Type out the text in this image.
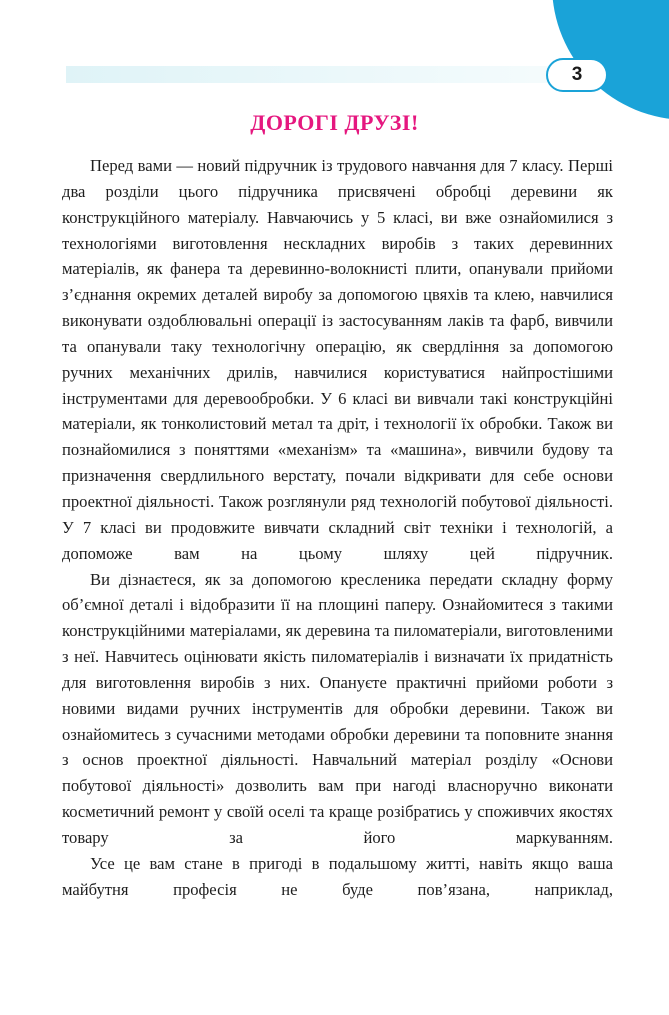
3
ДОРОГІ ДРУЗІ!

Перед вами — новий підручник із трудового навчання для 7 класу. Перші два розділи цього підручника присвячені обробці деревини як конструкційного матеріалу. Навчаючись у 5 класі, ви вже ознайомилися з технологіями виготовлення нескладних виробів з таких деревинних матеріалів, як фанера та деревинно-волокнисті плити, опанували прийоми з’єднання окремих деталей виробу за допомогою цвяхів та клею, навчилися виконувати оздоблювальні операції із застосуванням лаків та фарб, вивчили та опанували таку технологічну операцію, як свердління за допомогою ручних механічних дрилів, навчилися користуватися найпростішими інструментами для деревообробки. У 6 класі ви вивчали такі конструкційні матеріали, як тонколистовий метал та дріт, і технології їх обробки. Також ви познайомилися з поняттями «механізм» та «машина», вивчили будову та призначення свердлильного верстату, почали відкривати для себе основи проектної діяльності. Також розглянули ряд технологій побутової діяльності. У 7 класі ви продовжите вивчати складний світ техніки і технологій, а допоможе вам на цьому шляху цей підручник.

Ви дізнаєтеся, як за допомогою кресленика передати складну форму об’ємної деталі і відобразити її на площині паперу. Ознайомитеся з такими конструкційними матеріалами, як деревина та пиломатеріали, виготовленими з неї. Навчитесь оцінювати якість пиломатеріалів і визначати їх придатність для виготовлення виробів з них. Опануєте практичні прийоми роботи з новими видами ручних інструментів для обробки деревини. Також ви ознайомитесь з сучасними методами обробки деревини та поповните знання з основ проектної діяльності. Навчальний матеріал розділу «Основи побутової діяльності» дозволить вам при нагоді власноручно виконати косметичний ремонт у своїй оселі та краще розібратись у споживчих якостях товару за його маркуванням.

Усе це вам стане в пригоді в подальшому житті, навіть якщо ваша майбутня професія не буде пов’язана, наприклад,
